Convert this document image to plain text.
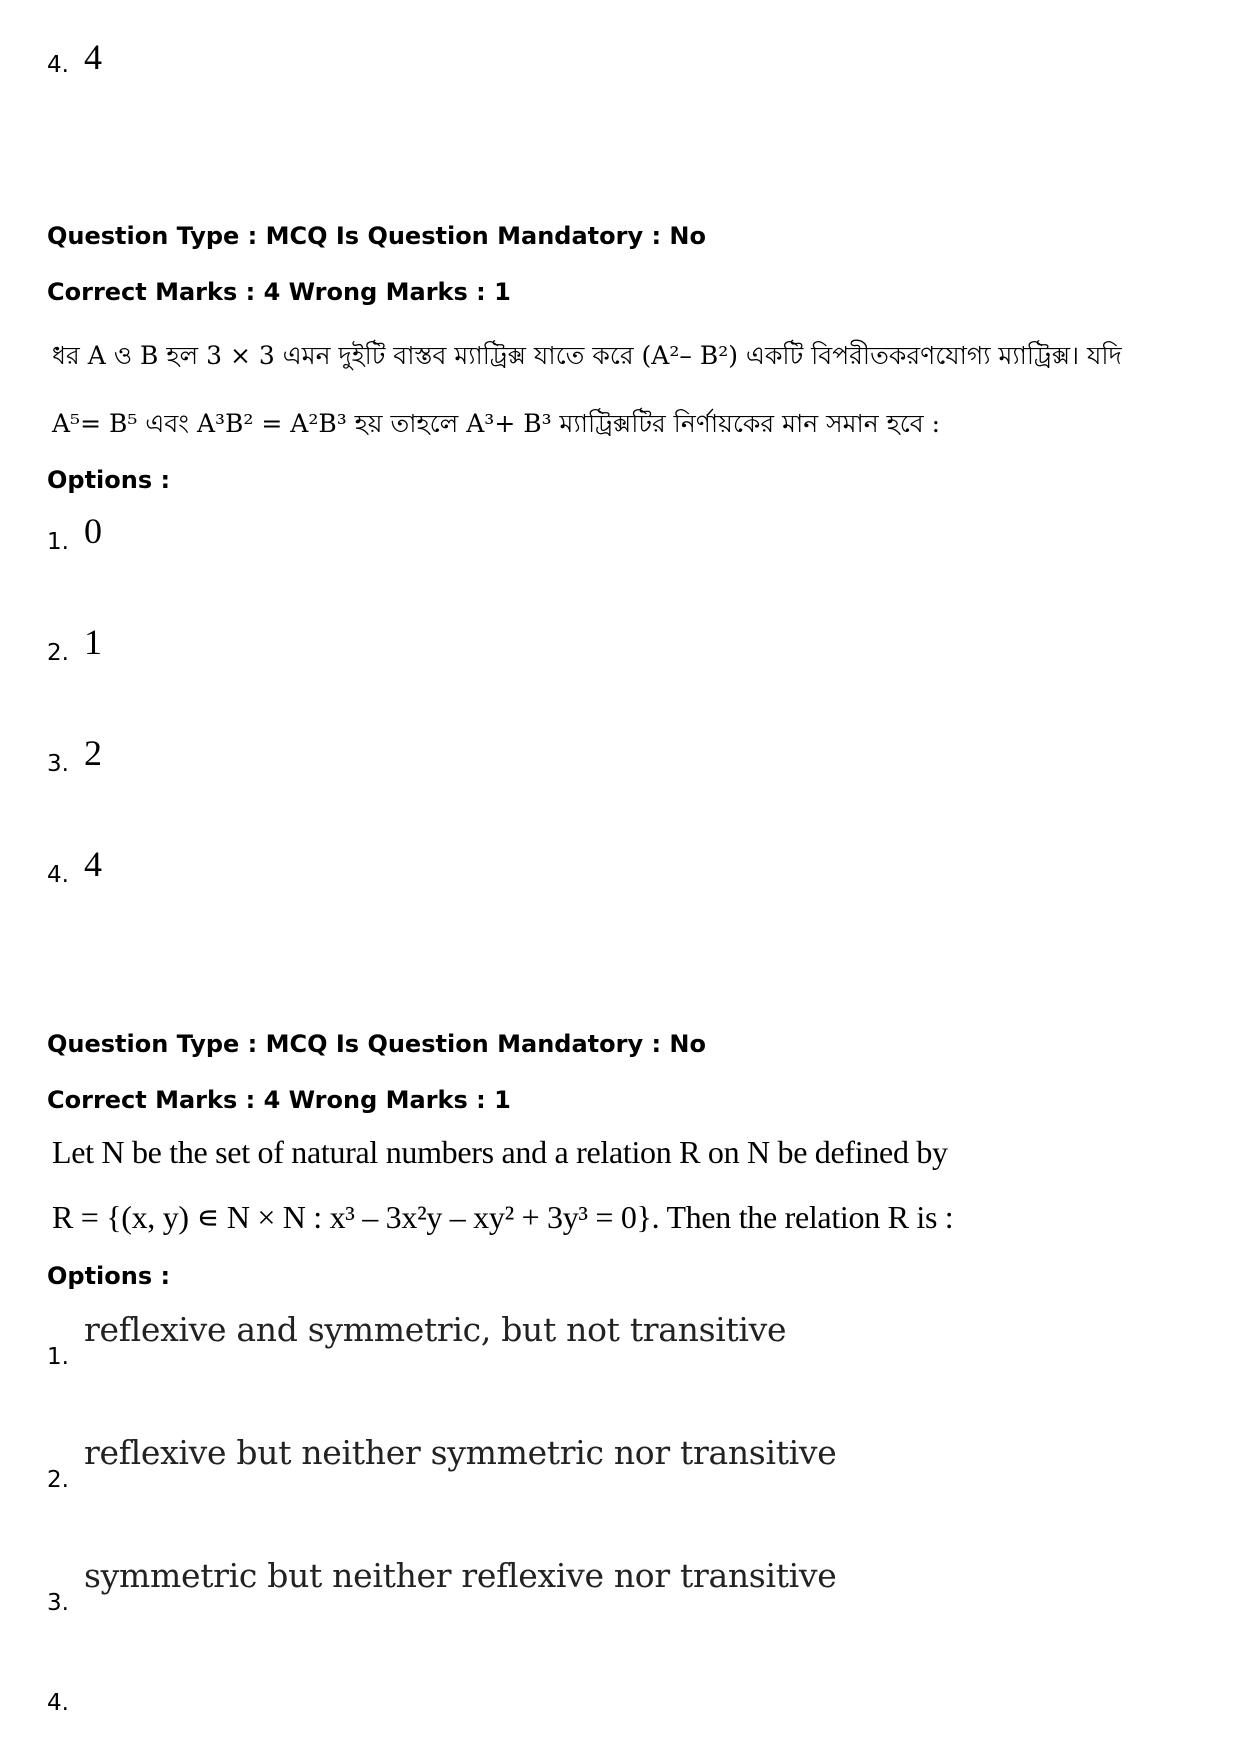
4. 4
Question Type : MCQ Is Question Mandatory : No
Correct Marks : 4 Wrong Marks : 1
ধর A ও B হল 3 × 3 এমন দুইটি বাস্তব ম্যাট্রিক্স যাতে করে (A²– B²) একটি বিপরীতকরণযোগ্য ম্যাট্রিক্স। যদি
A⁵= B⁵ এবং A³B² = A²B³ হয় তাহলে A³+ B³ ম্যাট্রিক্সটির নির্ণায়কের মান সমান হবে :
Options :
1. 0
2. 1
3. 2
4. 4
Question Type : MCQ Is Question Mandatory : No
Correct Marks : 4 Wrong Marks : 1
Let N be the set of natural numbers and a relation R on N be defined by
R = {(x, y) ∊ N × N : x³ – 3x²y – xy² + 3y³ = 0}. Then the relation R is :
Options :
1.
reflexive and symmetric, but not transitive
2.
reflexive but neither symmetric nor transitive
3.
symmetric but neither reflexive nor transitive
4.
